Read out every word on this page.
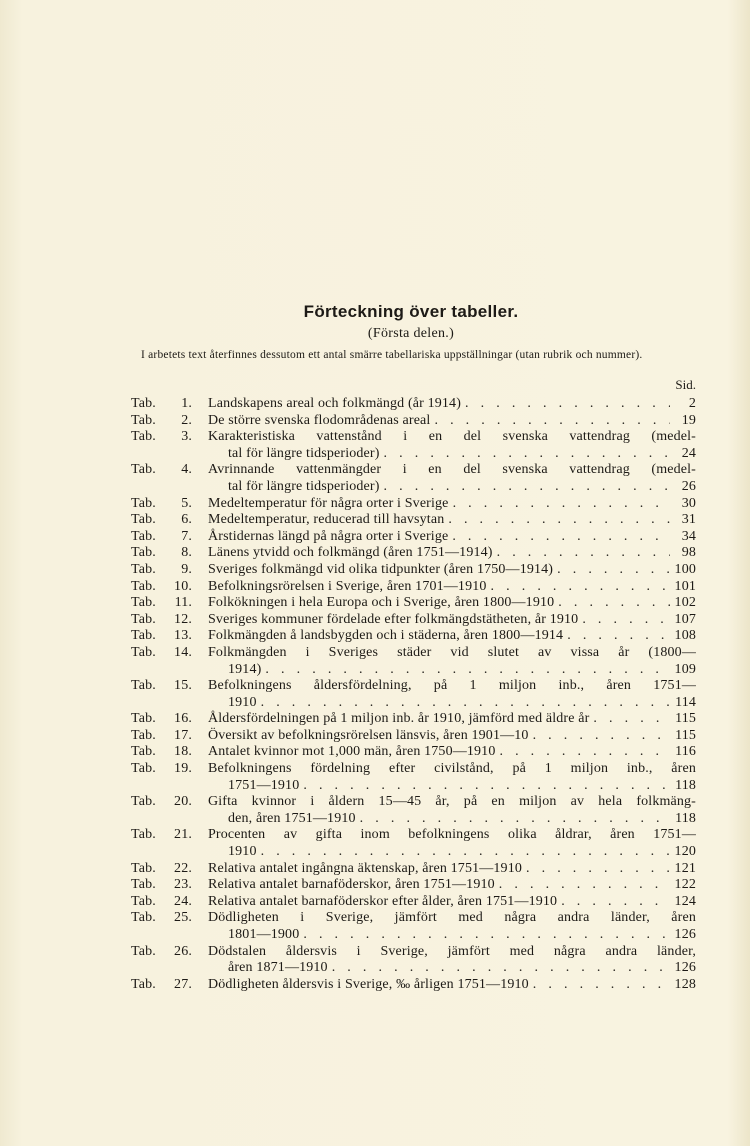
Förteckning över tabeller.
(Första delen.)
I arbetets text återfinnes dessutom ett antal smärre tabellariska uppställningar (utan rubrik och nummer).
Sid.
Tab.	1. Landskapens areal och folkmängd (år 1914) . . .	2
Tab.	2. De större svenska flodområdenas areal . . .	19
Tab.	3. Karakteristiska vattenstånd i en del svenska vattendrag (medel-
tal för längre tidsperioder) . . .	24
Tab.	4. Avrinnande vattenmängder i en del svenska vattendrag (medel-
tal för längre tidsperioder) . . .	26
Tab.	5. Medeltemperatur för några orter i Sverige . . .	30
Tab.	6. Medeltemperatur, reducerad till havsytan . . .	31
Tab.	7. Årstidernas längd på några orter i Sverige . . .	34
Tab.	8. Länens ytvidd och folkmängd (åren 1751—1914) . . .	98
Tab.	9. Sveriges folkmängd vid olika tidpunkter (åren 1750—1914) . . .	100
Tab.	10. Befolkningsrörelsen i Sverige, åren 1701—1910 . . .	101
Tab.	11. Folkökningen i hela Europa och i Sverige, åren 1800—1910 . . .	102
Tab.	12. Sveriges kommuner fördelade efter folkmängdstätheten, år 1910 . . .	107
Tab.	13. Folkmängden å landsbygden och i städerna, åren 1800—1914 . . .	108
Tab.	14. Folkmängden i Sveriges städer vid slutet av vissa år (1800—
1914) . . .	109
Tab.	15. Befolkningens åldersfördelning, på 1 miljon inb., åren 1751—
1910 . . .	114
Tab.	16. Åldersfördelningen på 1 miljon inb. år 1910, jämförd med äldre år . . .	115
Tab.	17. Översikt av befolkningsrörelsen länsvis, åren 1901—10 . . .	115
Tab.	18. Antalet kvinnor mot 1,000 män, åren 1750—1910 . . .	116
Tab.	19. Befolkningens fördelning efter civilstånd, på 1 miljon inb., åren
1751—1910 . . .	118
Tab.	20. Gifta kvinnor i åldern 15—45 år, på en miljon av hela folkmäng-
den, åren 1751—1910 . . .	118
Tab.	21. Procenten av gifta inom befolkningens olika åldrar, åren 1751—
1910 . . .	120
Tab.	22. Relativa antalet ingångna äktenskap, åren 1751—1910 . . .	121
Tab.	23. Relativa antalet barnaföderskor, åren 1751—1910 . . .	122
Tab.	24. Relativa antalet barnaföderskor efter ålder, åren 1751—1910 . . .	124
Tab.	25. Dödligheten i Sverige, jämfört med några andra länder, åren
1801—1900 . . .	126
Tab.	26. Dödstalen åldersvis i Sverige, jämfört med några andra länder,
åren 1871—1910 . . .	126
Tab.	27. Dödligheten åldersvis i Sverige, ‰ årligen 1751—1910 . . .	128
